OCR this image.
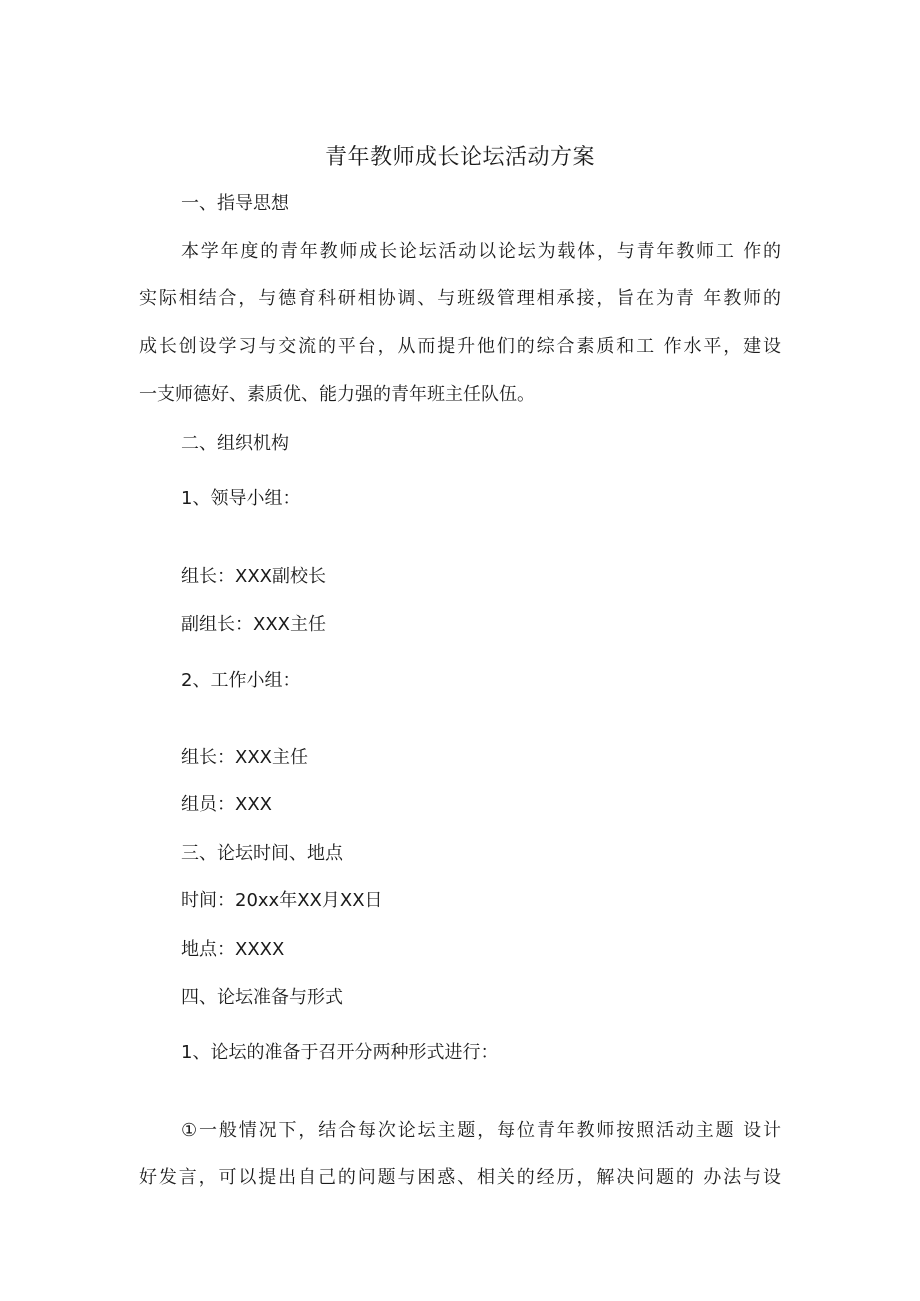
青年教师成长论坛活动方案
一、指导思想
本学年度的青年教师成长论坛活动以论坛为载体，与青年教师工 作的
实际相结合，与德育科研相协调、与班级管理相承接，旨在为青 年教师的
成长创设学习与交流的平台，从而提升他们的综合素质和工 作水平，建设
一支师德好、素质优、能力强的青年班主任队伍。
二、组织机构
1、领导小组：
组长：XXX副校长
副组长：XXX主任
2、工作小组：
组长：XXX主任
组员：XXX
三、论坛时间、地点
时间：20xx年XX月XX日
地点：XXXX
四、论坛准备与形式
1、论坛的准备于召开分两种形式进行：
①一般情况下，结合每次论坛主题，每位青年教师按照活动主题 设计
好发言，可以提出自己的问题与困惑、相关的经历，解决问题的 办法与设
